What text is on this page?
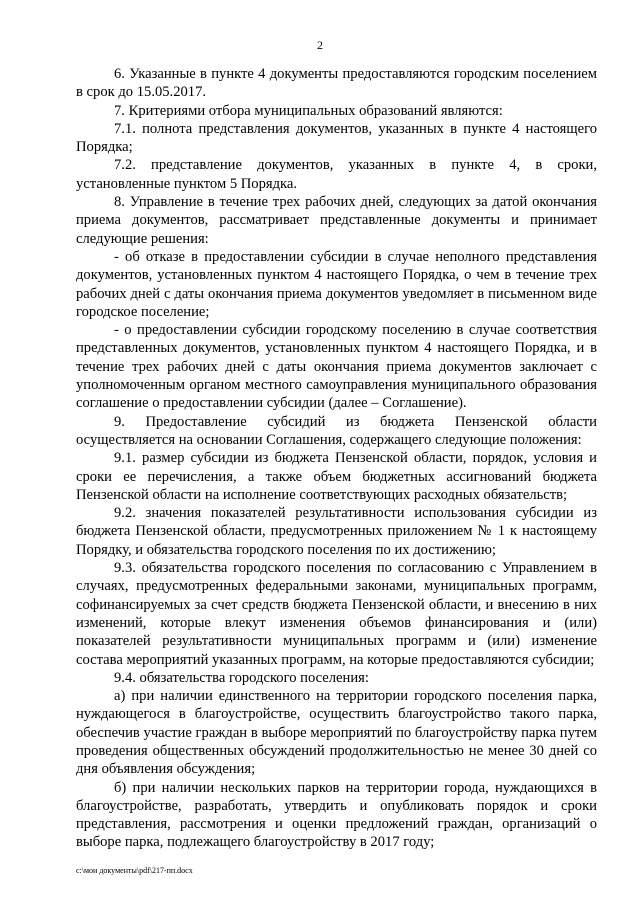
2

6. Указанные в пункте 4 документы предоставляются городским поселением в срок до 15.05.2017.

7. Критериями отбора муниципальных образований являются:

7.1. полнота представления документов, указанных в пункте 4 настоящего Порядка;

7.2. представление документов, указанных в пункте 4, в сроки, установленные пунктом 5 Порядка.

8. Управление в течение трех рабочих дней, следующих за датой окончания приема документов, рассматривает представленные документы и принимает следующие решения:

- об отказе в предоставлении субсидии в случае неполного представления документов, установленных пунктом 4 настоящего Порядка, о чем в течение трех рабочих дней с даты окончания приема документов уведомляет в письменном виде городское поселение;

- о предоставлении субсидии городскому поселению в случае соответствия представленных документов, установленных пунктом 4 настоящего Порядка, и в течение трех рабочих дней с даты окончания приема документов заключает с уполномоченным органом местного самоуправления муниципального образования соглашение о предоставлении субсидии (далее – Соглашение).

9. Предоставление субсидий из бюджета Пензенской области осуществляется на основании Соглашения, содержащего следующие положения:

9.1. размер субсидии из бюджета Пензенской области, порядок, условия и сроки ее перечисления, а также объем бюджетных ассигнований бюджета Пензенской области на исполнение соответствующих расходных обязательств;

9.2. значения показателей результативности использования субсидии из бюджета Пензенской области, предусмотренных приложением № 1 к настоящему Порядку, и обязательства городского поселения по их достижению;

9.3. обязательства городского поселения по согласованию с Управлением в случаях, предусмотренных федеральными законами, муниципальных программ, софинансируемых за счет средств бюджета Пензенской области, и внесению в них изменений, которые влекут изменения объемов финансирования и (или) показателей результативности муниципальных программ и (или) изменение состава мероприятий указанных программ, на которые предоставляются субсидии;

9.4. обязательства городского поселения:

а) при наличии единственного на территории городского поселения парка, нуждающегося в благоустройстве, осуществить благоустройство такого парка, обеспечив участие граждан в выборе мероприятий по благоустройству парка путем проведения общественных обсуждений продолжительностью не менее 30 дней со дня объявления обсуждения;

б) при наличии нескольких парков на территории города, нуждающихся в благоустройстве, разработать, утвердить и опубликовать порядок и сроки представления, рассмотрения и оценки предложений граждан, организаций о выборе парка, подлежащего благоустройству в 2017 году;

c:\мои документы\pdf\217-пп.docx
